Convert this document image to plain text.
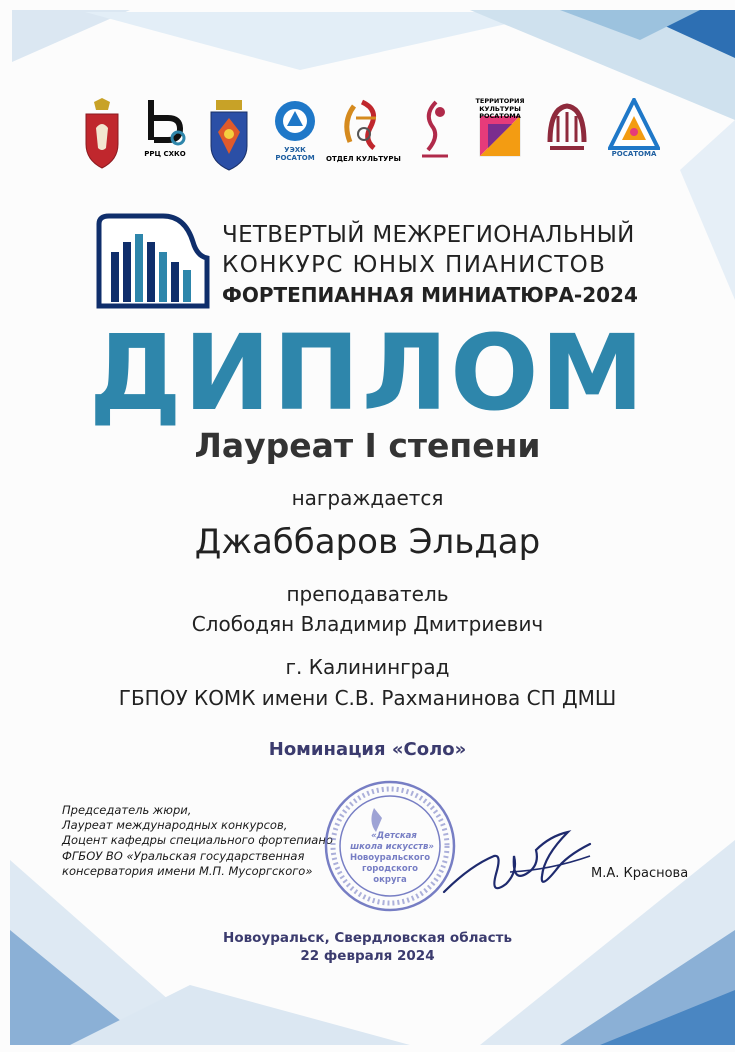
РРЦ СХКО	УЭХК
РОСАТОМ	ОТДЕЛ КУЛЬТУРЫ
ТЕРРИТОРИЯ
КУЛЬТУРЫ
РОСАТОМА
РОСАТОМА
ЧЕТВЕРТЫЙ МЕЖРЕГИОНАЛЬНЫЙ
КОНКУРС ЮНЫХ ПИАНИСТОВ
ФОРТЕПИАННАЯ МИНИАТЮРА-2024
ДИПЛОМ
Лауреат I степени
награждается
Джаббаров Эльдар
преподаватель
Слободян Владимир Дмитриевич
г. Калининград
ГБПОУ КОМК имени С.В. Рахманинова СП ДМШ
Номинация «Соло»
Председатель жюри,
Лауреат международных конкурсов,
Доцент кафедры специального фортепиано
ФГБОУ ВО «Уральская государственная
консерватория имени М.П. Мусоргского»
«Детская
школа искусств»
Новоуральского
городского
округа	М.А. Краснова
Новоуральск, Свердловская область
22 февраля 2024
